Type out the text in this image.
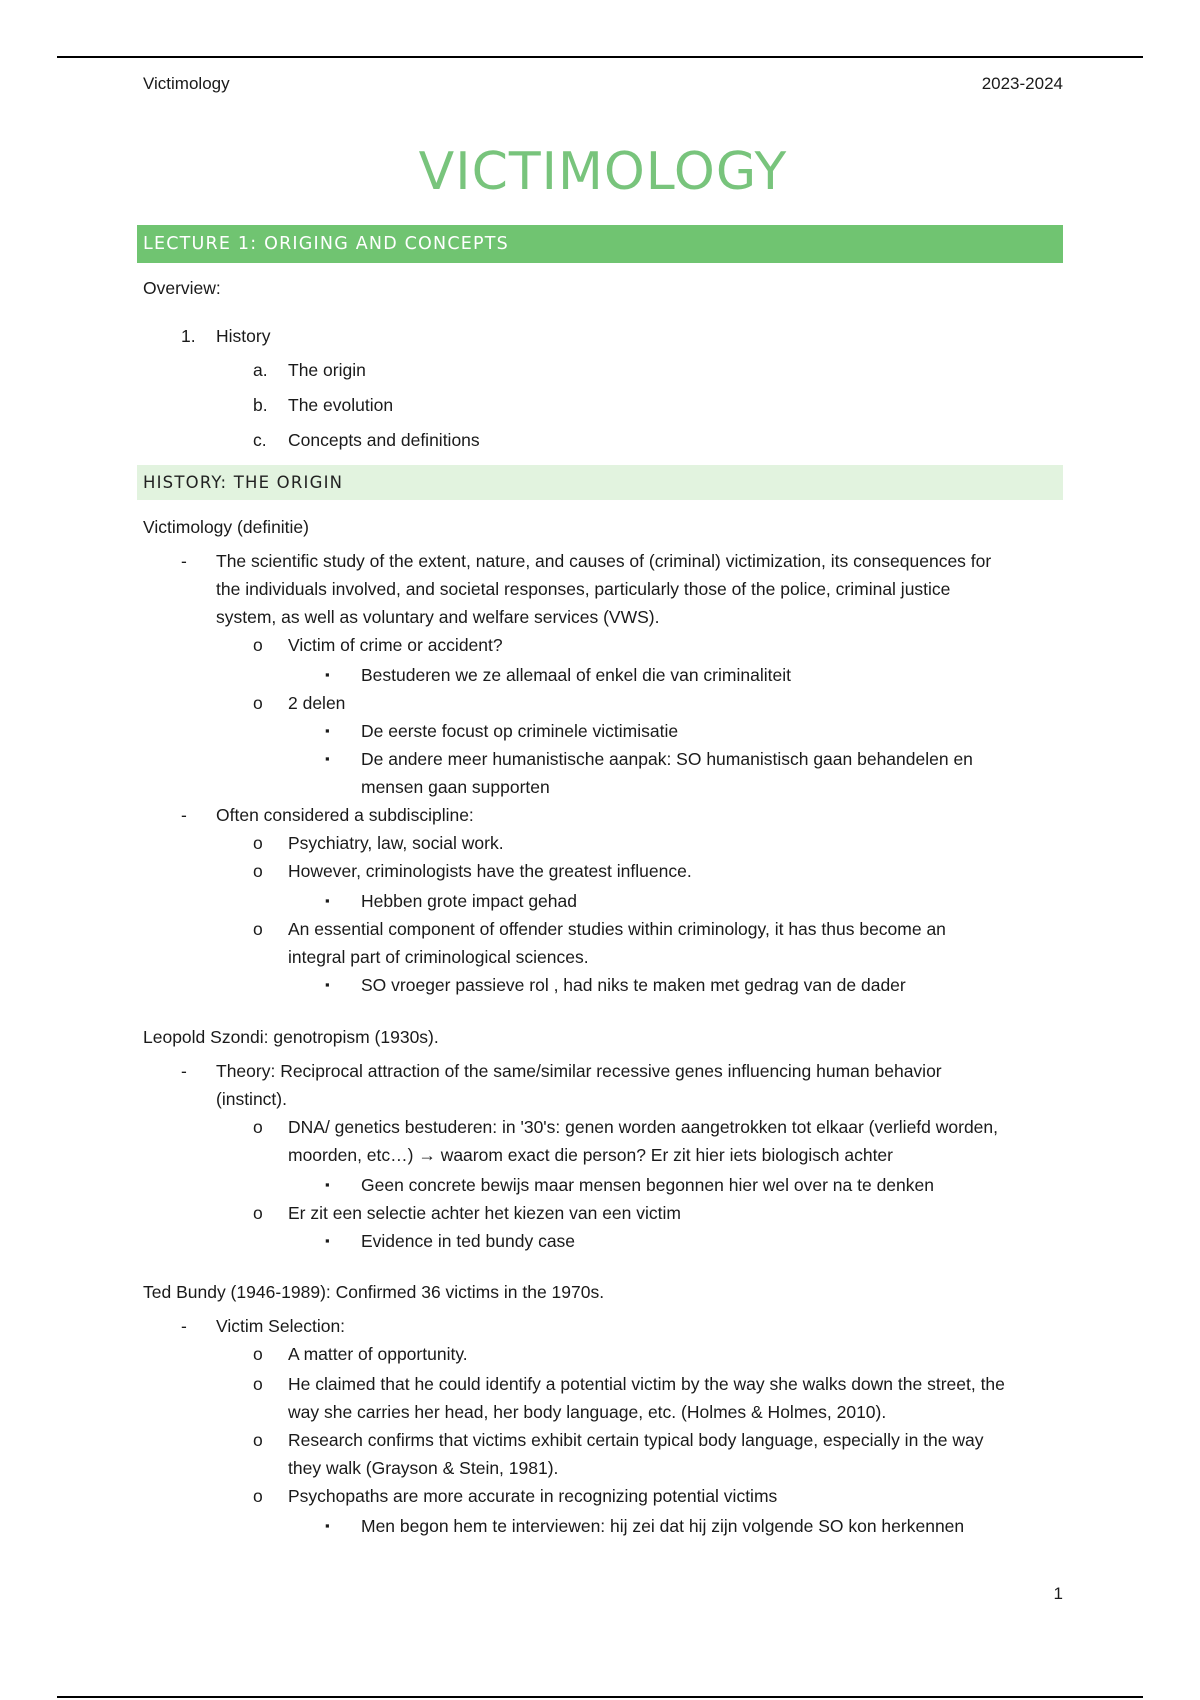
Victimology	2023-2024
VICTIMOLOGY
LECTURE 1: ORIGING AND CONCEPTS
Overview:
1. History
a. The origin
b. The evolution
c. Concepts and definitions
HISTORY: THE ORIGIN
Victimology (definitie)
- The scientific study of the extent, nature, and causes of (criminal) victimization, its consequences for
the individuals involved, and societal responses, particularly those of the police, criminal justice
system, as well as voluntary and welfare services (VWS).
o Victim of crime or accident?
▪ Bestuderen we ze allemaal of enkel die van criminaliteit
o 2 delen
▪ De eerste focust op criminele victimisatie
▪ De andere meer humanistische aanpak: SO humanistisch gaan behandelen en
mensen gaan supporten
- Often considered a subdiscipline:
o Psychiatry, law, social work.
o However, criminologists have the greatest influence.
▪ Hebben grote impact gehad
o An essential component of offender studies within criminology, it has thus become an
integral part of criminological sciences.
▪ SO vroeger passieve rol , had niks te maken met gedrag van de dader
Leopold Szondi: genotropism (1930s).
- Theory: Reciprocal attraction of the same/similar recessive genes influencing human behavior
(instinct).
o DNA/ genetics bestuderen: in '30's: genen worden aangetrokken tot elkaar (verliefd worden,
moorden, etc…) → waarom exact die person? Er zit hier iets biologisch achter
▪ Geen concrete bewijs maar mensen begonnen hier wel over na te denken
o Er zit een selectie achter het kiezen van een victim
▪ Evidence in ted bundy case
Ted Bundy (1946-1989): Confirmed 36 victims in the 1970s.
- Victim Selection:
o A matter of opportunity.
o He claimed that he could identify a potential victim by the way she walks down the street, the
way she carries her head, her body language, etc. (Holmes & Holmes, 2010).
o Research confirms that victims exhibit certain typical body language, especially in the way
they walk (Grayson & Stein, 1981).
o Psychopaths are more accurate in recognizing potential victims
▪ Men begon hem te interviewen: hij zei dat hij zijn volgende SO kon herkennen
1
